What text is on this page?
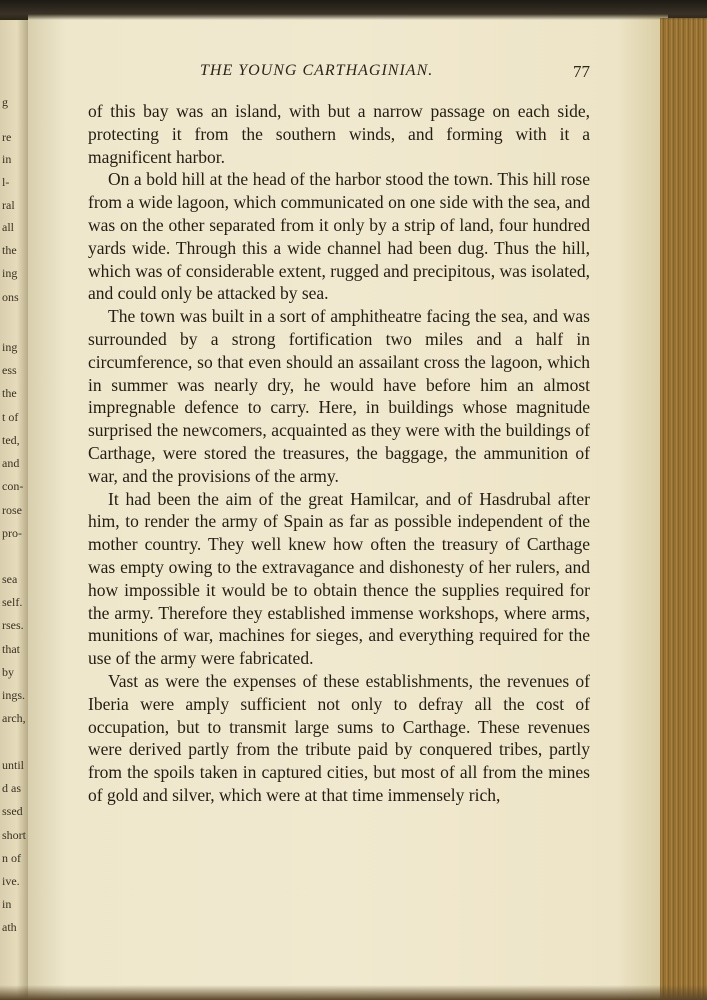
g
re
in
l-
ral
all
the
ing
ons
ing
ess
the
t of
ted,
and
con-
rose
pro-
sea
self.
rses.
that
by
ings.
arch,
until
d as
ssed
short
n of
ive.
in
ath
THE YOUNG CARTHAGINIAN.	77

of this bay was an island, with but a narrow passage on each side, protecting it from the southern winds, and forming with it a magnificent harbor.

On a bold hill at the head of the harbor stood the town. This hill rose from a wide lagoon, which communicated on one side with the sea, and was on the other separated from it only by a strip of land, four hundred yards wide. Through this a wide channel had been dug. Thus the hill, which was of considerable extent, rugged and precipitous, was isolated, and could only be attacked by sea.

The town was built in a sort of amphitheatre facing the sea, and was surrounded by a strong fortification two miles and a half in circumference, so that even should an assailant cross the lagoon, which in summer was nearly dry, he would have before him an almost impregnable defence to carry. Here, in buildings whose magnitude surprised the newcomers, acquainted as they were with the buildings of Carthage, were stored the treasures, the baggage, the ammunition of war, and the provisions of the army.

It had been the aim of the great Hamilcar, and of Hasdrubal after him, to render the army of Spain as far as possible independent of the mother country. They well knew how often the treasury of Carthage was empty owing to the extravagance and dishonesty of her rulers, and how impossible it would be to obtain thence the supplies required for the army. Therefore they established immense workshops, where arms, munitions of war, machines for sieges, and everything required for the use of the army were fabricated.

Vast as were the expenses of these establishments, the revenues of Iberia were amply sufficient not only to defray all the cost of occupation, but to transmit large sums to Carthage. These revenues were derived partly from the tribute paid by conquered tribes, partly from the spoils taken in captured cities, but most of all from the mines of gold and silver, which were at that time immensely rich,
